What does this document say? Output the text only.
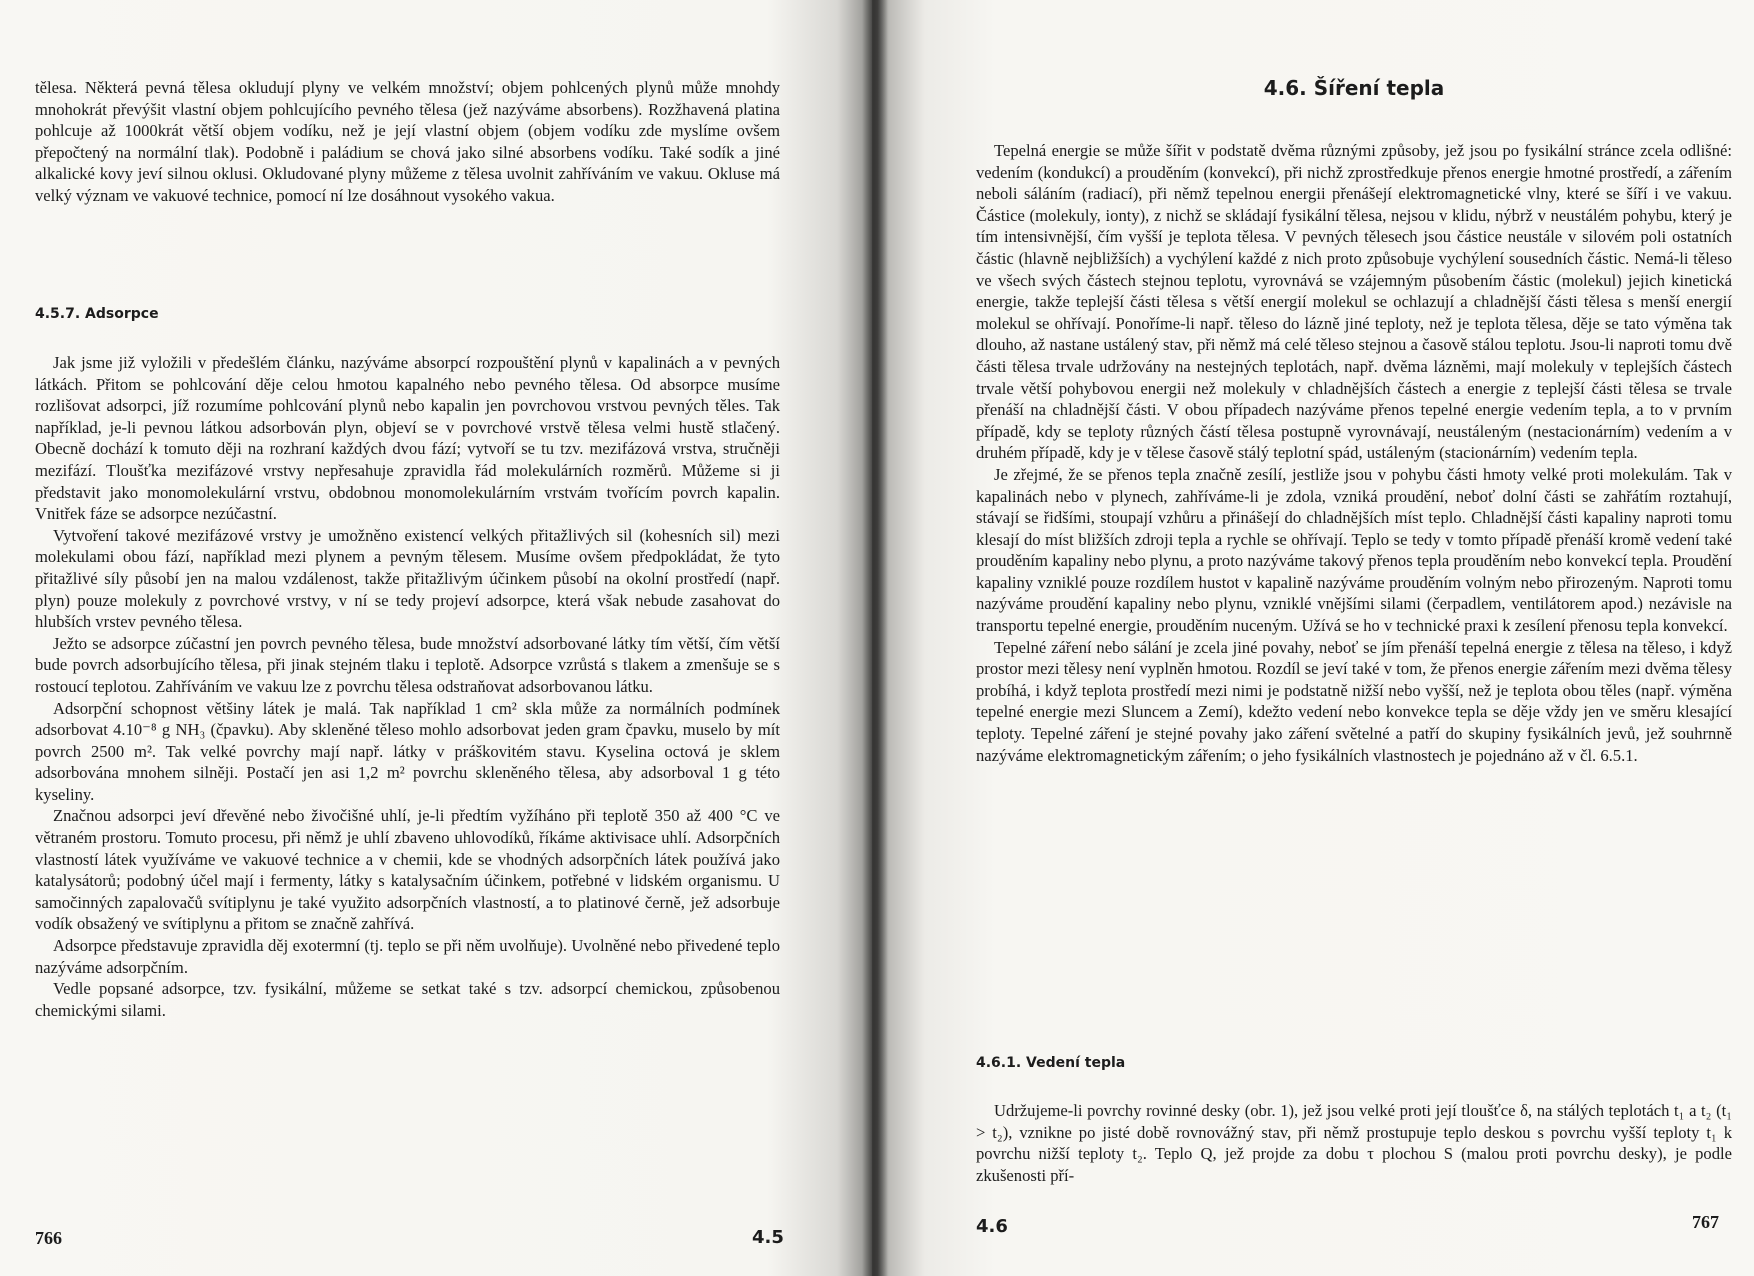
tělesa. Některá pevná tělesa okludují plyny ve velkém množství; objem pohlcených plynů může mnohdy mnohokrát převýšit vlastní objem pohlcujícího pevného tělesa (jež nazýváme absorbens). Rozžhavená platina pohlcuje až 1000krát větší objem vodíku, než je její vlastní objem (objem vodíku zde myslíme ovšem přepočtený na normální tlak). Podobně i paládium se chová jako silné absorbens vodíku. Také sodík a jiné alkalické kovy jeví silnou oklusi. Okludované plyny můžeme z tělesa uvolnit zahříváním ve vakuu. Okluse má velký význam ve vakuové technice, pomocí ní lze dosáhnout vysokého vakua.

4.5.7. Adsorpce

Jak jsme již vyložili v předešlém článku, nazýváme absorpcí rozpouštění plynů v kapalinách a v pevných látkách. Přitom se pohlcování děje celou hmotou kapalného nebo pevného tělesa. Od absorpce musíme rozlišovat adsorpci, jíž rozumíme pohlcování plynů nebo kapalin jen povrchovou vrstvou pevných těles. Tak například, je-li pevnou látkou adsorbován plyn, objeví se v povrchové vrstvě tělesa velmi hustě stlačený. Obecně dochází k tomuto ději na rozhraní každých dvou fází; vytvoří se tu tzv. mezifázová vrstva, stručněji mezifází. Tloušťka mezifázové vrstvy nepřesahuje zpravidla řád molekulárních rozměrů. Můžeme si ji představit jako monomolekulární vrstvu, obdobnou monomolekulárním vrstvám tvořícím povrch kapalin. Vnitřek fáze se adsorpce nezúčastní.

Vytvoření takové mezifázové vrstvy je umožněno existencí velkých přitažlivých sil (kohesních sil) mezi molekulami obou fází, například mezi plynem a pevným tělesem. Musíme ovšem předpokládat, že tyto přitažlivé síly působí jen na malou vzdálenost, takže přitažlivým účinkem působí na okolní prostředí (např. plyn) pouze molekuly z povrchové vrstvy, v ní se tedy projeví adsorpce, která však nebude zasahovat do hlubších vrstev pevného tělesa.

Ježto se adsorpce zúčastní jen povrch pevného tělesa, bude množství adsorbované látky tím větší, čím větší bude povrch adsorbujícího tělesa, při jinak stejném tlaku i teplotě. Adsorpce vzrůstá s tlakem a zmenšuje se s rostoucí teplotou. Zahříváním ve vakuu lze z povrchu tělesa odstraňovat adsorbovanou látku.

Adsorpční schopnost většiny látek je malá. Tak například 1 cm² skla může za normálních podmínek adsorbovat 4.10⁻⁸ g NH₃ (čpavku). Aby skleněné těleso mohlo adsorbovat jeden gram čpavku, muselo by mít povrch 2500 m². Tak velké povrchy mají např. látky v práškovitém stavu. Kyselina octová je sklem adsorbována mnohem silněji. Postačí jen asi 1,2 m² povrchu skleněného tělesa, aby adsorboval 1 g této kyseliny.

Značnou adsorpci jeví dřevěné nebo živočišné uhlí, je-li předtím vyžíháno při teplotě 350 až 400 °C ve větraném prostoru. Tomuto procesu, při němž je uhlí zbaveno uhlovodíků, říkáme aktivisace uhlí. Adsorpčních vlastností látek využíváme ve vakuové technice a v chemii, kde se vhodných adsorpčních látek používá jako katalysátorů; podobný účel mají i fermenty, látky s katalysačním účinkem, potřebné v lidském organismu. U samočinných zapalovačů svítiplynu je také využito adsorpčních vlastností, a to platinové černě, jež adsorbuje vodík obsažený ve svítiplynu a přitom se značně zahřívá.

Adsorpce představuje zpravidla děj exotermní (tj. teplo se při něm uvolňuje). Uvolněné nebo přivedené teplo nazýváme adsorpčním.

Vedle popsané adsorpce, tzv. fysikální, můžeme se setkat také s tzv. adsorpcí chemickou, způsobenou chemickými silami.

766	4.5
4.6. Šíření tepla

Tepelná energie se může šířit v podstatě dvěma různými způsoby, jež jsou po fysikální stránce zcela odlišné: vedením (kondukcí) a prouděním (konvekcí), při nichž zprostředkuje přenos energie hmotné prostředí, a zářením neboli sáláním (radiací), při němž tepelnou energii přenášejí elektromagnetické vlny, které se šíří i ve vakuu. Částice (molekuly, ionty), z nichž se skládají fysikální tělesa, nejsou v klidu, nýbrž v neustálém pohybu, který je tím intensivnější, čím vyšší je teplota tělesa. V pevných tělesech jsou částice neustále v silovém poli ostatních částic (hlavně nejbližších) a vychýlení každé z nich proto způsobuje vychýlení sousedních částic. Nemá-li těleso ve všech svých částech stejnou teplotu, vyrovnává se vzájemným působením částic (molekul) jejich kinetická energie, takže teplejší části tělesa s větší energií molekul se ochlazují a chladnější části tělesa s menší energií molekul se ohřívají. Ponoříme-li např. těleso do lázně jiné teploty, než je teplota tělesa, děje se tato výměna tak dlouho, až nastane ustálený stav, při němž má celé těleso stejnou a časově stálou teplotu. Jsou-li naproti tomu dvě části tělesa trvale udržovány na nestejných teplotách, např. dvěma lázněmi, mají molekuly v teplejších částech trvale větší pohybovou energii než molekuly v chladnějších částech a energie z teplejší části tělesa se trvale přenáší na chladnější části. V obou případech nazýváme přenos tepelné energie vedením tepla, a to v prvním případě, kdy se teploty různých částí tělesa postupně vyrovnávají, neustáleným (nestacionárním) vedením a v druhém případě, kdy je v tělese časově stálý teplotní spád, ustáleným (stacionárním) vedením tepla.

Je zřejmé, že se přenos tepla značně zesílí, jestliže jsou v pohybu části hmoty velké proti molekulám. Tak v kapalinách nebo v plynech, zahříváme-li je zdola, vzniká proudění, neboť dolní části se zahřátím roztahují, stávají se řidšími, stoupají vzhůru a přinášejí do chladnějších míst teplo. Chladnější části kapaliny naproti tomu klesají do míst bližších zdroji tepla a rychle se ohřívají. Teplo se tedy v tomto případě přenáší kromě vedení také prouděním kapaliny nebo plynu, a proto nazýváme takový přenos tepla prouděním nebo konvekcí tepla. Proudění kapaliny vzniklé pouze rozdílem hustot v kapalině nazýváme prouděním volným nebo přirozeným. Naproti tomu nazýváme proudění kapaliny nebo plynu, vzniklé vnějšími silami (čerpadlem, ventilátorem apod.) nezávisle na transportu tepelné energie, prouděním nuceným. Užívá se ho v technické praxi k zesílení přenosu tepla konvekcí.

Tepelné záření nebo sálání je zcela jiné povahy, neboť se jím přenáší tepelná energie z tělesa na těleso, i když prostor mezi tělesy není vyplněn hmotou. Rozdíl se jeví také v tom, že přenos energie zářením mezi dvěma tělesy probíhá, i když teplota prostředí mezi nimi je podstatně nižší nebo vyšší, než je teplota obou těles (např. výměna tepelné energie mezi Sluncem a Zemí), kdežto vedení nebo konvekce tepla se děje vždy jen ve směru klesající teploty. Tepelné záření je stejné povahy jako záření světelné a patří do skupiny fysikálních jevů, jež souhrnně nazýváme elektromagnetickým zářením; o jeho fysikálních vlastnostech je pojednáno až v čl. 6.5.1.

4.6.1. Vedení tepla

Udržujeme-li povrchy rovinné desky (obr. 1), jež jsou velké proti její tloušťce δ, na stálých teplotách t₁ a t₂ (t₁ > t₂), vznikne po jisté době rovnovážný stav, při němž prostupuje teplo deskou s povrchu vyšší teploty t₁ k povrchu nižší teploty t₂. Teplo Q, jež projde za dobu τ plochou S (malou proti povrchu desky), je podle zkušenosti pří-

4.6	767
